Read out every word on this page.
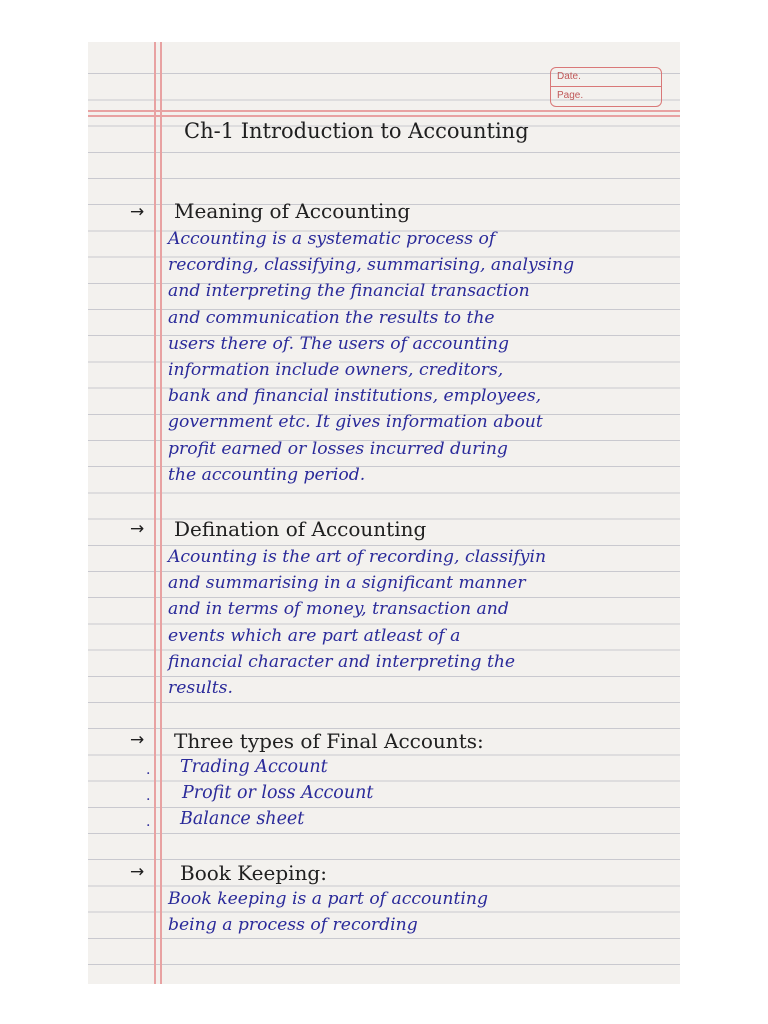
Date.
Page.
Ch-1 Introduction to Accounting
→ Meaning of Accounting
Accounting is a systematic process of
recording, classifying, summarising, analysing
and interpreting the financial transaction
and communication the results to the
users there of. The users of accounting
information include owners, creditors,
bank and financial institutions, employees,
government etc. It gives information about
profit earned or losses incurred during
the accounting period.
→ Defination of Accounting
Acounting is the art of recording, classifyin
and summarising in a significant manner
and in terms of money, transaction and
events which are part atleast of a
financial character and interpreting the
results.
→ Three types of Final Accounts:
. Trading Account
. Profit or loss Account
. Balance sheet
→ Book Keeping:
Book keeping is a part of accounting
being a process of recording
